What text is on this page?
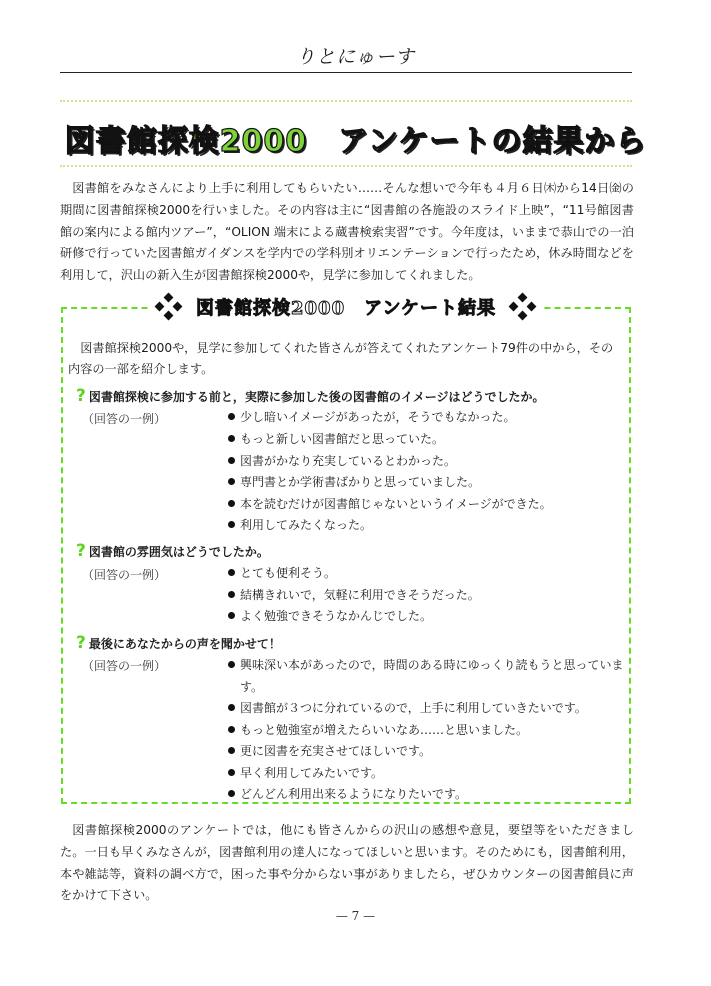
りとにゅーす
図書館探検2000　アンケートの結果から
図書館をみなさんにより上手に利用してもらいたい……そんな想いで今年も４月６日㈭から14日㈮の期間に図書館探検2000を行いました。その内容は主に“図書館の各施設のスライド上映”，“11号館図書館の案内による館内ツアー”，“OLION 端末による蔵書検索実習”です。今年度は，いままで恭山での一泊研修で行っていた図書館ガイダンスを学内での学科別オリエンテーションで行ったため，休み時間などを利用して，沢山の新入生が図書館探検2000や，見学に参加してくれました。
図書館探検2000　アンケート結果
図書館探検2000や，見学に参加してくれた皆さんが答えてくれたアンケート79件の中から，その内容の一部を紹介します。
? 図書館探検に参加する前と，実際に参加した後の図書館のイメージはどうでしたか。
（回答の一例）	少し暗いイメージがあったが，そうでもなかった。
もっと新しい図書館だと思っていた。
図書がかなり充実しているとわかった。
専門書とか学術書ばかりと思っていました。
本を読むだけが図書館じゃないというイメージができた。
利用してみたくなった。
? 図書館の雰囲気はどうでしたか。
（回答の一例）	とても便利そう。
結構きれいで，気軽に利用できそうだった。
よく勉強できそうなかんじでした。
? 最後にあなたからの声を聞かせて！
（回答の一例）	興味深い本があったので，時間のある時にゆっくり読もうと思っています。
図書館が３つに分れているので，上手に利用していきたいです。
もっと勉強室が増えたらいいなあ……と思いました。
更に図書を充実させてほしいです。
早く利用してみたいです。
どんどん利用出来るようになりたいです。
図書館探検2000のアンケートでは，他にも皆さんからの沢山の感想や意見，要望等をいただきました。一日も早くみなさんが，図書館利用の達人になってほしいと思います。そのためにも，図書館利用，本や雑誌等，資料の調べ方で，困った事や分からない事がありましたら，ぜひカウンターの図書館員に声をかけて下さい。
— 7 —
